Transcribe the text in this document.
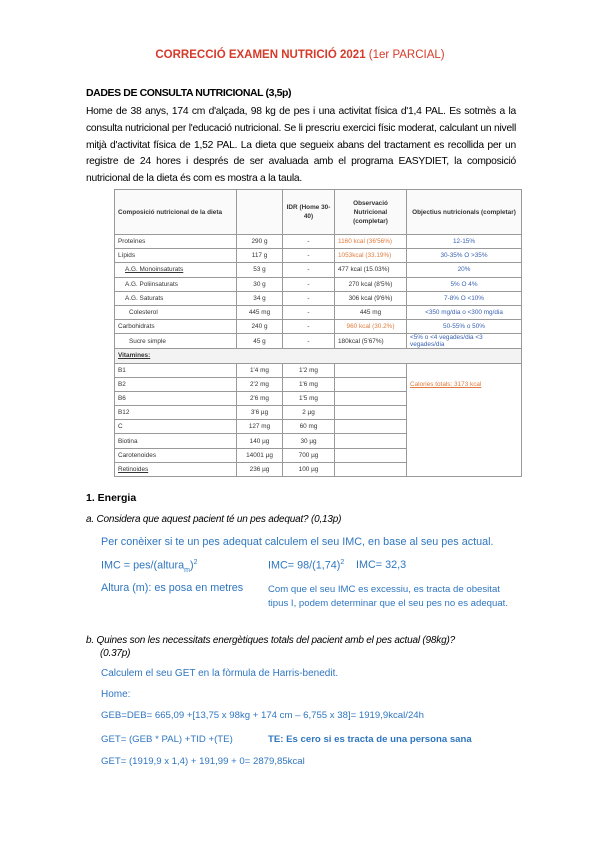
CORRECCIÓ EXAMEN NUTRICIÓ 2021 (1er PARCIAL)
DADES DE CONSULTA NUTRICIONAL (3,5p)
Home de 38 anys, 174 cm d'alçada, 98 kg de pes i una activitat física d'1,4 PAL. Es sotmès a la consulta nutricional per l'educació nutricional. Se li prescriu exercici físic moderat, calculant un nivell mitjà d'activitat física de 1,52 PAL. La dieta que segueix abans del tractament es recollida per un registre de 24 hores i després de ser avaluada amb el programa EASYDIET, la composició nutricional de la dieta és com es mostra a la taula.
Composició nutricional de la dieta		IDR (Home 30-40)	Observació Nutricional (completar)	Objectius nutricionals (completar)
Proteïnes	290 g	-	1160 kcal (36'56%)	12-15%
Lípids	117 g	-	1053kcal (33.19%)	30-35% O >35%
A.G. Monoinsaturats	53 g	-	477 kcal (15.03%)	20%
A.G. Poliinsaturats	30 g	-	270 kcal (8'5%)	5% O 4%
A.G. Saturats	34 g	-	306 kcal (9'6%)	7-8% O <10%
Colesterol	445 mg	-	445 mg	<350 mg/dia o <300 mg/dia
Carbohidrats	240 g	-	960 kcal (30.2%)	50-55% o 50%
Sucre simple	45 g	-	180kcal (5'67%)	<5% o <4 vegades/dia <3 vegades/dia
Vitamines:				
B1	1'4 mg	1'2 mg		
B2	2'2 mg	1'6 mg		Calories totals: 3173 kcal
B6	2'6 mg	1'5 mg		
B12	3'6 µg	2 µg		
C	127 mg	60 mg		
Biotina	140 µg	30 µg		
Carotenoides	14001 µg	700 µg		
Retinoides	236 µg	100 µg		
1. Energia
a. Considera que aquest pacient té un pes adequat? (0,13p)
Per conèixer si te un pes adequat calculem el seu IMC, en base al seu pes actual.
IMC = pes/(altura$_m$)$^2$	$IMC= 98/(1,74)^2$ IMC= 32,3
Altura (m): es posa en metres	Com que el seu IMC es excessiu, es tracta de obesitat tipus I, podem determinar que el seu pes no es adequat.
b. Quines son les necessitats energètiques totals del pacient amb el pes actual (98kg)?
(0.37p)
Calculem el seu GET en la fòrmula de Harris-benedit.
Home:
GEB=DEB= 665,09 +[13,75 x 98kg + 174 cm – 6,755 x 38]= 1919,9kcal/24h
GET= (GEB * PAL) +TID +(TE)	TE: Es cero si es tracta de una persona sana
GET= (1919,9 x 1,4) + 191,99 + 0= 2879,85kcal
